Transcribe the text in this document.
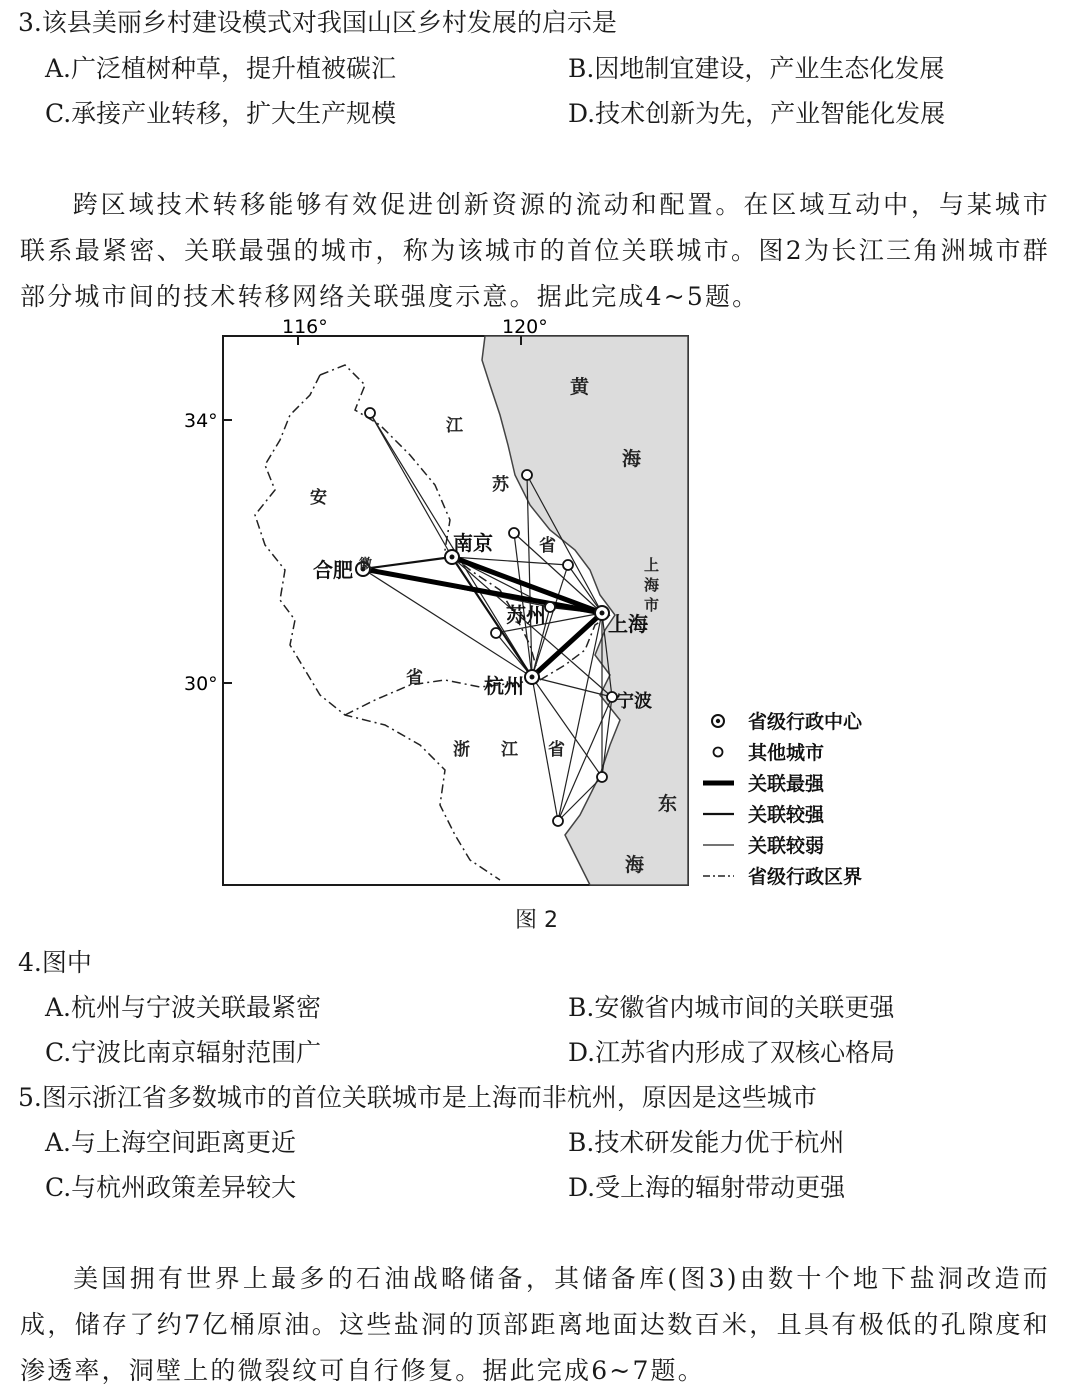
3.该县美丽乡村建设模式对我国山区乡村发展的启示是
A.广泛植树种草，提升植被碳汇	B.因地制宜建设，产业生态化发展
C.承接产业转移，扩大生产规模	D.技术创新为先，产业智能化发展
跨区域技术转移能够有效促进创新资源的流动和配置。在区域互动中，与某城市联系最紧密、关联最强的城市，称为该城市的首位关联城市。图2为长江三角洲城市群部分城市间的技术转移网络关联强度示意。据此完成4~5题。
116°	120°
34°
30°
合肥
南京
苏州	上海
杭州
宁波
江
苏
省
安
徽
省
浙 江 省
上
海
市
黄
海
东
海
省级行政中心
其他城市
关联最强
关联较强
关联较弱
省级行政区界
图 2
4.图中
A.杭州与宁波关联最紧密	B.安徽省内城市间的关联更强
C.宁波比南京辐射范围广	D.江苏省内形成了双核心格局
5.图示浙江省多数城市的首位关联城市是上海而非杭州，原因是这些城市
A.与上海空间距离更近	B.技术研发能力优于杭州
C.与杭州政策差异较大	D.受上海的辐射带动更强
美国拥有世界上最多的石油战略储备，其储备库(图3)由数十个地下盐洞改造而成，储存了约7亿桶原油。这些盐洞的顶部距离地面达数百米，且具有极低的孔隙度和渗透率，洞壁上的微裂纹可自行修复。据此完成6~7题。
